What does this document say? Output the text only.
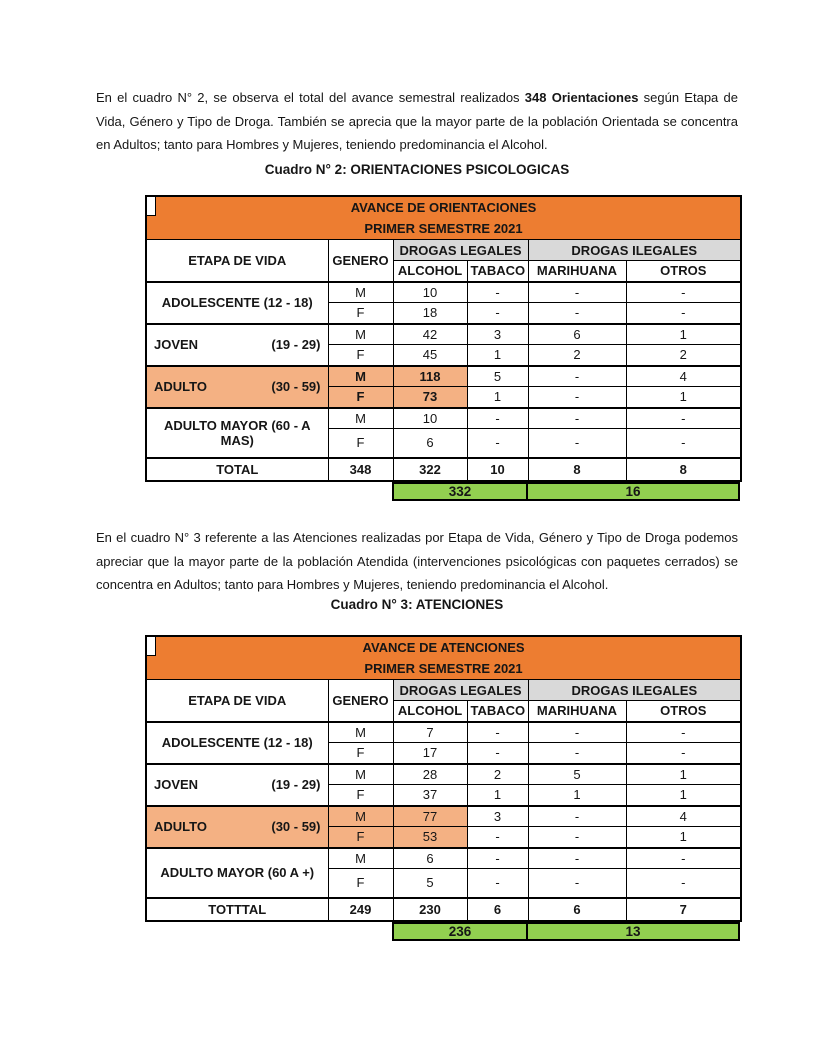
En el cuadro N° 2, se observa el total del avance semestral realizados 348 Orientaciones según Etapa de Vida, Género y Tipo de Droga. También se aprecia que la mayor parte de la población Orientada se concentra en Adultos; tanto para Hombres y Mujeres, teniendo predominancia el Alcohol.

Cuadro N° 2: ORIENTACIONES PSICOLOGICAS
AVANCE DE ORIENTACIONES
PRIMER SEMESTRE 2021					

ETAPA DE VIDA	GENERO	DROGAS LEGALES		DROGAS ILEGALES	
		ALCOHOL	TABACO	MARIHUANA	OTROS
ADOLESCENTE (12 - 18)	M	10	-	-	-
	F	18	-	-	-

JOVEN (19 - 29)	M	42	3	6	1
	F	45	1	2	2

ADULTO (30 - 59)	M	118	5	-	4
	F	73	1	-	1
ADULTO MAYOR (60 - A MAS)	M	10	-	-	-
	F	6	-	-	-
TOTAL	348	322	10	8	8
332	16

En el cuadro N° 3 referente a las Atenciones realizadas por Etapa de Vida, Género y Tipo de Droga podemos apreciar que la mayor parte de la población Atendida (intervenciones psicológicas con paquetes cerrados) se concentra en Adultos; tanto para Hombres y Mujeres, teniendo predominancia el Alcohol.

Cuadro N° 3: ATENCIONES
AVANCE DE ATENCIONES
PRIMER SEMESTRE 2021					

ETAPA DE VIDA	GENERO	DROGAS LEGALES		DROGAS ILEGALES	
		ALCOHOL	TABACO	MARIHUANA	OTROS
ADOLESCENTE (12 - 18)	M	7	-	-	-
	F	17	-	-	-

JOVEN (19 - 29)	M	28	2	5	1
	F	37	1	1	1

ADULTO (30 - 59)	M	77	3	-	4
	F	53	-	-	1
ADULTO MAYOR (60 A +)	M	6	-	-	-
	F	5	-	-	-
TOTTTAL	249	230	6	6	7
236	13
